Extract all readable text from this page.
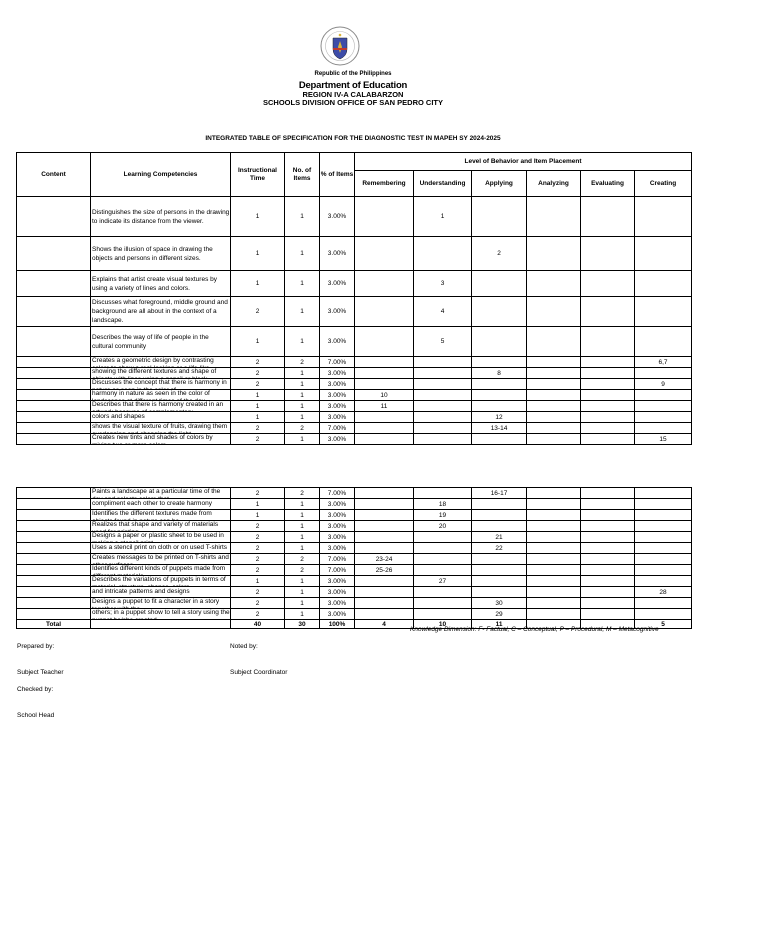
Republic of the Philippines
Department of Education
REGION IV-A CALABARZON
SCHOOLS DIVISION OFFICE OF SAN PEDRO CITY
INTEGRATED TABLE OF SPECIFICATION FOR THE DIAGNOSTIC TEST IN MAPEH SY 2024-2025
Content	Learning Competencies	Instructional Time	No. of Items	% of Items	Level of Behavior and Item Placement					
					Remembering	Understanding	Applying	Analyzing	Evaluating	Creating

	Distinguishes the size of persons in the drawing to indicate its distance from the viewer.	1	1	3.00%		1				

	Shows the illusion of space in drawing the objects and persons in different sizes.	1	1	3.00%			2			

	Explains that artist create visual textures by using a variety of lines and colors.	1	1	3.00%		3				

	Discusses what foreground, middle ground and background are all about in the context of a landscape.	2	1	3.00%		4				

	Describes the way of life of people in the cultural community	1	1	3.00%		5				

	Creates a geometric design by contrasting	2	2	7.00%						6,7

	showing the different textures and shape of	2	1	3.00%			8			

	Discusses the concept that there is harmony in	2	1	3.00%						9

	harmony in nature as seen in the color of	1	1	3.00%	10					

	Describes that there is harmony created in an	1	1	3.00%	11					

	colors and shapes	1	1	3.00%			12			

	shows the visual texture of fruits, drawing them	2	2	7.00%			13-14			

	Creates new tints and shades of colors by	2	1	3.00%						15

	Paints a landscape at a particular time of the	2	2	7.00%			16-17			

	compliment each other to create harmony	1	1	3.00%		18				

	Identifies the different textures made from	1	1	3.00%		19				

	Realizes that shape and variety of materials	2	1	3.00%		20				

	Designs a paper or plastic sheet to be used in	2	1	3.00%			21			

	Uses a stencil print on cloth or on used T-shirts	2	1	3.00%			22			

	Creates messages to be printed on T-shirts and	2	2	7.00%	23-24					

	Identifies different kinds of puppets made from	2	2	7.00%	25-26					

	Describes the variations of puppets in terms of	1	1	3.00%		27				

	and intricate patterns and designs	2	1	3.00%						28

	Designs a puppet to fit a character in a story	2	1	3.00%			30			

	others; in a puppet show to tell a story using the	2	1	3.00%			29			
Total		40	30	100%	4	10	11			5
Knowledge Dimension: F- Factual, C – Conceptual, P – Procedural, M – Metacognitive
Prepared by:	Noted by:
Subject Teacher	Subject Coordinator
Checked by:
School Head
